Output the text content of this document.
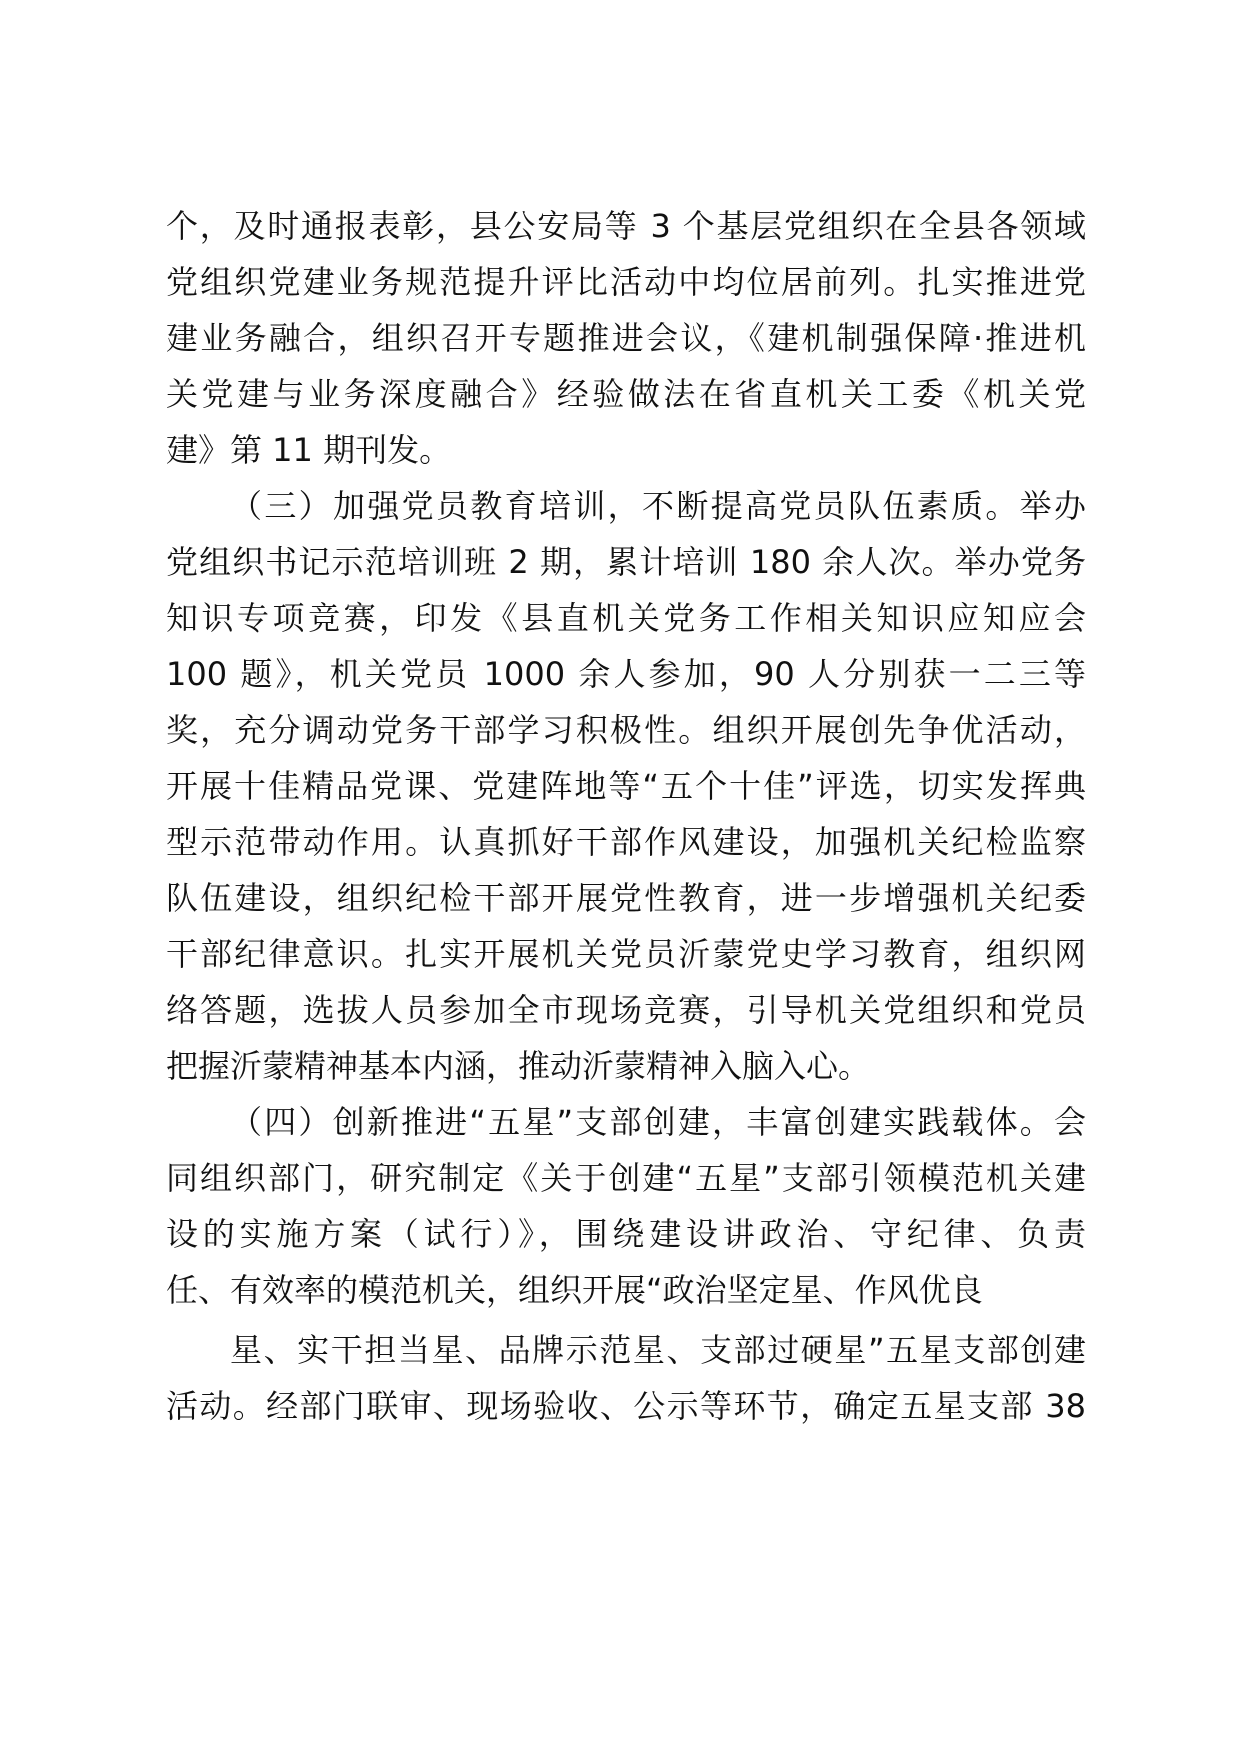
个，及时通报表彰，县公安局等 3 个基层党组织在全县各领域
党组织党建业务规范提升评比活动中均位居前列。扎实推进党
建业务融合，组织召开专题推进会议，《建机制强保障·推进机
关党建与业务深度融合》经验做法在省直机关工委《机关党
建》第 11 期刊发。
（三）加强党员教育培训，不断提高党员队伍素质。举办
党组织书记示范培训班 2 期，累计培训 180 余人次。举办党务
知识专项竞赛，印发《县直机关党务工作相关知识应知应会
100 题》，机关党员 1000 余人参加，90 人分别获一二三等
奖，充分调动党务干部学习积极性。组织开展创先争优活动，
开展十佳精品党课、党建阵地等“五个十佳”评选，切实发挥典
型示范带动作用。认真抓好干部作风建设，加强机关纪检监察
队伍建设，组织纪检干部开展党性教育，进一步增强机关纪委
干部纪律意识。扎实开展机关党员沂蒙党史学习教育，组织网
络答题，选拔人员参加全市现场竞赛，引导机关党组织和党员
把握沂蒙精神基本内涵，推动沂蒙精神入脑入心。
（四）创新推进“五星”支部创建，丰富创建实践载体。会
同组织部门，研究制定《关于创建“五星”支部引领模范机关建
设的实施方案（试行）》，围绕建设讲政治、守纪律、负责
任、有效率的模范机关，组织开展“政治坚定星、作风优良
星、实干担当星、品牌示范星、支部过硬星”五星支部创建
活动。经部门联审、现场验收、公示等环节，确定五星支部 38
